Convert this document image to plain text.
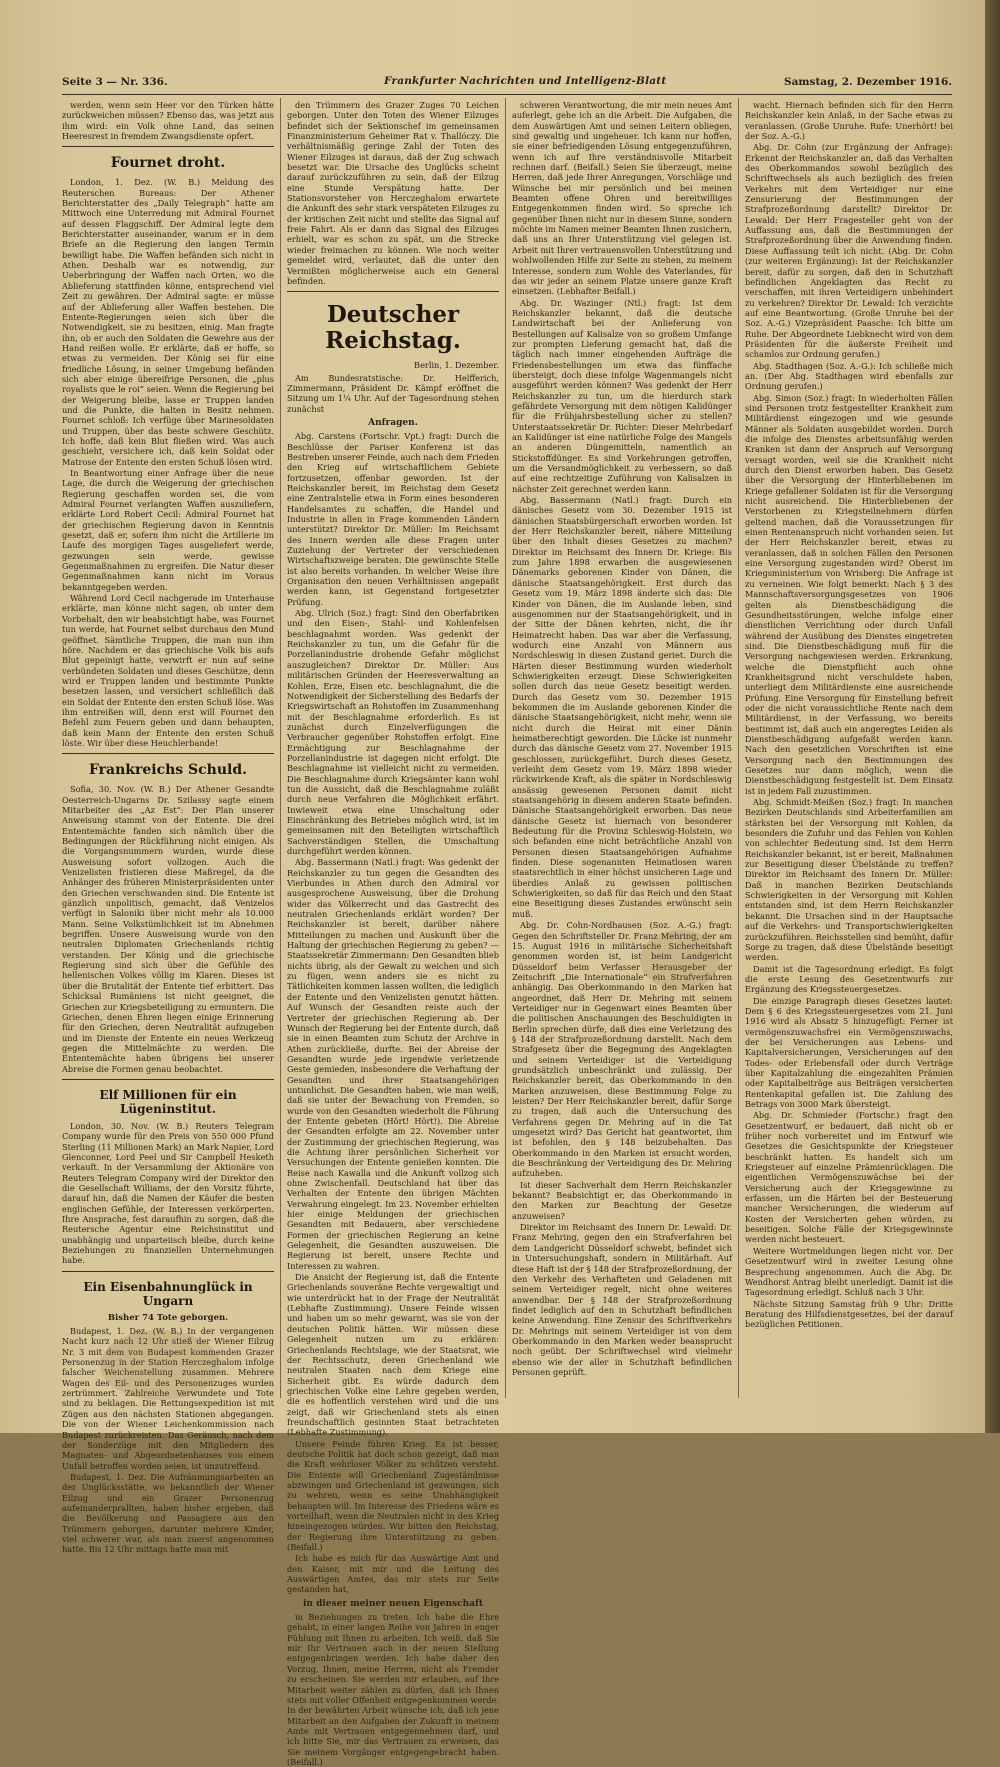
Seite 3 — Nr. 336.	Frankfurter Nachrichten und Intelligenz-Blatt	Samstag, 2. Dezember 1916.

werden, wenn sein Heer vor den Türken hätte zurückweichen müssen? Ebenso das, was jetzt aus ihm wird: ein Volk ohne Land, das seinen Heeresrest in fremdem Zwangsdienste opfert.

Fournet droht.

London, 1. Dez. (W. B.) Meldung des Reuterschen Bureaus: Der Athener Berichterstatter des „Daily Telegraph“ hatte am Mittwoch eine Unterredung mit Admiral Fournet auf dessen Flaggschiff. Der Admiral legte dem Berichterstatter auseinander, warum er in dem Briefe an die Regierung den langen Termin bewilligt habe. Die Waffen befänden sich nicht in Athen. Deshalb war es notwendig, zur Ueberbringung der Waffen nach Orten, wo die Ablieferung stattfinden könne, entsprechend viel Zeit zu gewähren. Der Admiral sagte: er müsse auf der Ablieferung aller Waffen bestehen. Die Entente-Regierungen seien sich über die Notwendigkeit, sie zu besitzen, einig. Man fragte ihn, ob er auch den Soldaten die Gewehre aus der Hand reißen wolle. Er erklärte, daß er hoffe, so etwas zu vermeiden. Der König sei für eine friedliche Lösung, in seiner Umgebung befänden sich aber einige übereifrige Personen, die „plus royalists que le roi“ seien. Wenn die Regierung bei der Weigerung bleibe, lasse er Truppen landen und die Punkte, die halten in Besitz nehmen. Fournet schloß: Ich verfüge über Marinesoldaten und Truppen, über das beste schwere Geschütz. Ich hoffe, daß kein Blut fließen wird. Was auch geschieht, versichere ich, daß kein Soldat oder Matrose der Entente den ersten Schuß lösen wird.

In Beantwortung einer Anfrage über die neue Lage, die durch die Weigerung der griechischen Regierung geschaffen worden sei, die vom Admiral Fournet verlangten Waffen auszuliefern, erklärte Lord Robert Cecil: Admiral Fournet hat der griechischen Regierung davon in Kenntnis gesetzt, daß er, sofern ihm nicht die Artillerie im Laufe des morgigen Tages ausgeliefert werde, gezwungen sein werde, gewisse Gegenmaßnahmen zu ergreifen. Die Natur dieser Gegenmaßnahmen kann nicht im Voraus bekanntgegeben werden.

Während Lord Cecil nachgerade im Unterhause erklärte, man könne nicht sagen, ob unter dem Vorbehalt, den wir beabsichtigt habe, was Fournet tun werde, hat Fournet selbst durchaus den Mund geöffnet. Sämtliche Truppen, die man nun ihm höre. Nachdem er das griechische Volk bis aufs Blut gepeinigt hatte, verwirft er nun auf seine verbündeten Soldaten und dieses Geschütze, denn wird er Truppen landen und bestimmte Punkte besetzen lassen, und versichert schließlich daß ein Soldat der Entente den ersten Schuß löse. Was ihm entreißen will, denn erst will Fournet den Befehl zum Feuern geben und dann behaupten, daß kein Mann der Entente den ersten Schuß löste. Wir über diese Heuchlerbande!

Frankreichs Schuld.

Sofia, 30. Nov. (W. B.) Der Athener Gesandte Oesterreich-Ungarns Dr. Szilassy sagte einem Mitarbeiter des „Az Est“: Der Plan unserer Anweisung stammt von der Entente. Die drei Ententemächte fanden sich nämlich über die Bedingungen der Rückführung nicht einigen. Als die Vorgangsnummern wurden, wurde diese Ausweisung sofort vollzogen. Auch die Venizelisten fristieren diese Maßregel, da die Anhänger des früheren Ministerpräsidenten unter den Griechen verschwanden sind. Die Entente ist gänzlich unpolitisch, gemacht, daß Venizelos verfügt in Saloniki über nicht mehr als 10.000 Mann. Seine Volkstümlichkeit ist im Abnehmen begriffen. Unsere Ausweisung wurde von den neutralen Diplomaten Griechenlands richtig verstanden. Der König und die griechische Regierung sind sich über die Gefühle des hellenischen Volkes völlig im Klaren. Dieses ist über die Brutalität der Entente tief erbittert. Das Schicksal Rumäniens ist nicht geeignet, die Griechen zur Kriegsbeteiligung zu ermuntern. Die Griechen, denen Ehren liegen einige Erinnerung für den Griechen, deren Neutralität aufzugeben und im Dienste der Entente ein neues Werkzeug gegen die Mittelmächte zu werden. Die Ententemächte haben übrigens bei unserer Abreise die Formen genau beobachtet.

Elf Millionen für ein Lügeninstitut.

London, 30. Nov. (W. B.) Reuters Telegram Company wurde für den Preis von 550 000 Pfund Sterling (11 Millionen Mark) an Mark Napier, Lord Glenconner, Lord Peel und Sir Campbell Hesketh verkauft. In der Versammlung der Aktionäre von Reuters Telegram Company wird der Direktor den die Gesellschaft Williams, der den Vorsitz führte, darauf hin, daß die Namen der Käufer die besten englischen Gefühle, der Interessen verkörperten. Ihre Ansprache, fest daraufhin zu sorgen, daß die Reutersche Agentur eine Reichsinstitut und unabhängig und unparteiisch bleibe, durch keine Beziehungen zu finanziellen Unternehmungen habe.

Ein Eisenbahnunglück in Ungarn

Bisher 74 Tote geborgen.

Budapest, 1. Dez. (W. B.) In der vergangenen Nacht kurz nach 12 Uhr stieß der Wiener Eilzug Nr. 3 mit dem von Budapest kommenden Grazer Personenzug in der Station Herczeghalom infolge falscher Weichenstellung zusammen. Mehrere Wagen des Eil- und des Personenzuges wurden zertrümmert. Zahlreiche Verwundete und Tote sind zu beklagen. Die Rettungsexpedition ist mit Zügen aus den nächsten Stationen abgegangen. Die von der Wiener Leichenkommission nach Budapest zurückreisten. Das Geräusch, nach dem der Sonderzüge mit den Mitgliedern des Magnaten- und Abgeordnetenhauses von einem Unfall betroffen worden seien, ist unzutreffend.

Budapest, 1. Dez. Die Aufräumungsarbeiten an der Unglücksstätte, wo bekanntlich der Wiener Eilzug und ein Grazer Personenzug aufeinanderprallten, haben bisher ergeben, daß die Bevölkerung und Passagiere aus den Trümmern geborgen, darunter mehrere Kinder, viel schwerer war, als man zuerst angenommen hatte. Bis 12 Uhr mittags hatte man mit

den Trümmern des Grazer Zuges 70 Leichen geborgen. Unter den Toten des Wiener Eilzuges befindet sich der Sektionschef im gemeinsamen Finanzministerium Geheimer Rat v. Thallóczy. Die verhältnismäßig geringe Zahl der Toten des Wiener Eilzuges ist daraus, daß der Zug schwach besetzt war. Die Ursache des Unglücks scheint darauf zurückzuführen zu sein, daß der Eilzug eine Stunde Verspätung hatte. Der Stationsvorsteher von Herczeghalom erwartete die Ankunft des sehr stark verspäteten Eilzuges zu der kritischen Zeit nicht und stellte das Signal auf freie Fahrt. Als er dann das Signal des Eilzuges erhielt, war es schon zu spät, um die Strecke wieder freimachen zu können. Wie noch weiter gemeldet wird, verlautet, daß die unter den Vermißten möglicherweise auch ein General befinden.

Deutscher Reichstag.

Berlin, 1. Dezember.

Am Bundesratstische: Dr. Helfferich, Zimmermann, Präsident Dr. Kämpf eröffnet die Sitzung um 1¼ Uhr. Auf der Tagesordnung stehen zunächst

Anfragen.

Abg. Carstens (Fortschr. Vpt.) fragt: Durch die Beschlüsse der Pariser Konferenz ist das Bestreben unserer Feinde, auch nach dem Frieden den Krieg auf wirtschaftlichem Gebiete fortzusetzen, offenbar geworden. Ist der Reichskanzler bereit, im Reichstag dem Gesetz eine Zentralstelle etwa in Form eines besonderen Handelsamtes zu schaffen, die Handel und Industrie in allen in Frage kommenden Ländern unterstützt? Direktor Dr. Müller: Im Reichsamt des Innern werden alle diese Fragen unter Zuziehung der Vertreter der verschiedenen Wirtschaftszweige beraten. Die gewünschte Stelle ist also bereits vorhanden. In welcher Weise ihre Organisation den neuen Verhältnissen angepaßt werden kann, ist Gegenstand fortgesetzter Prüfung.

Abg. Ulrich (Soz.) fragt: Sind den Oberfabriken und den Eisen-, Stahl- und Kohlenfelsen beschlagnahmt worden. Was gedenkt der Reichskanzler zu tun, um die Gefahr für die Porzellanindustrie drohende Gefahr möglichst auszugleichen? Direktor Dr. Müller: Aus militärischen Gründen der Heeresverwaltung an Kohlen, Erze, Eisen etc. beschlagnahmt, die die Notwendigkeit der Sicherstellung des Bedarfs der Kriegswirtschaft an Rohstoffen im Zusammenhang mit der Beschlagnahme erforderlich. Es ist zunächst durch Einzelverfügungen die Verbraucher gegenüber Rohstoffen erfolgt. Eine Ermächtigung zur Beschlagnahme der Porzellanindustrie ist dagegen nicht erfolgt. Die Beschlagnahme ist vielleicht nicht zu vermeiden. Die Beschlagnahme durch Kriegsämter kann wohl tun die Aussicht, daß die Beschlagnahme zuläßt durch neue Verfahren die Möglichkeit erfährt. Inwieweit etwa eine Umschaltung oder Einschränkung des Betriebes möglich wird, ist im gemeinsamen mit den Beteiligten wirtschaftlich Sachverständigen Stellen, die Umschaltung durchgeführt werden können.

Abg. Bassermann (Natl.) fragt: Was gedenkt der Reichskanzler zu tun gegen die Gesandten des Vierbundes in Athen durch den Admiral vor ausgesprochene Ausweisung, über die Drohung wider das Völkerrecht und das Gastrecht des neutralen Griechenlands erklärt worden? Der Reichskanzler ist bereit, darüber nähere Mitteilungen zu machen und Auskunft über die Haltung der griechischen Regierung zu geben? — Staatssekretär Zimmermann: Den Gesandten blieb nichts übrig, als der Gewalt zu weichen und sich zu fügen, wenn anders sie es nicht zu Tätlichkeiten kommen lassen wollten, die lediglich der Entente und den Venizelisten genutzt hätten. Auf Wunsch der Gesandten reiste auch der Vertreter der griechischen Regierung ab. Der Wunsch der Regierung bei der Entente durch, daß sie in einen Beamten zum Schutz der Archive in Athen zurückließe, durfte. Bei der Abreise der Gesandten wurde jede irgendwie verletzende Geste gemieden, insbesondere die Verhaftung der Gesandten und ihrer Staatsangehörigen untunlichst. Die Gesandten haben, wie man weiß, daß sie unter der Bewachung von Fremden, so wurde von den Gesandten wiederholt die Führung der Entente gebeten (Hört! Hört!). Die Abreise der Gesandten erfolgte am 22. November unter der Zustimmung der griechischen Regierung, was die Achtung ihrer persönlichen Sicherheit vor Versuchungen der Entente genießen konnten. Die Reise nach Kawalla und die Ankunft vollzog sich ohne Zwischenfall. Deutschland hat über das Verhalten der Entente den übrigen Mächten Verwahrung eingelegt. Im 23. November erhielten hier einige Meldungen der griechischen Gesandten mit Bedauern, aber verschiedene Formen der griechischen Regierung an keine Gelegenheit, die Gesandten auszuweisen. Die Regierung ist bereit, unsere Rechte und Interessen zu wahren.

Die Ansicht der Regierung ist, daß die Entente Griechenlands souveräne Rechte vergewaltigt und wie unterdrückt hat in der Frage der Neutralität (Lebhafte Zustimmung). Unsere Feinde wissen und haben um so mehr gewarnt, was sie von der deutschen Politik hätten. Wir müssen diese Gelegenheit nutzen um zu erklären: Griechenlands Rechtslage, wie der Staatsrat, wie der Rechtsschutz, deren Griechenland wie neutralen Staaten nach dem Kriege eine Sicherheit gibt. Es würde dadurch dem griechischen Volke eine Lehre gegeben werden, die es hoffentlich verstehen wird und die uns zeigt, daß wir Griechenland stets als einen freundschaftlich gesinnten Staat betrachteten (Lebhafte Zustimmung).

Unsere Feinde führen Krieg. Es ist besser, deutsche Politik hat doch schon gezeigt, daß man die Kraft wehrloser Völker zu schützen versteht. Die Entente will Griechenland Zugeständnisse abzwingen und Griechenland ist gezwungen, sich zu wehren, wenn es seine Unabhängigkeit behaupten will. Im Interesse des Friedens wäre es vorteilhaft, wenn die Neutralen nicht in den Krieg hineingezogen würden. Wir bitten den Reichstag, der Regierung ihre Unterstützung zu geben. (Beifall.)

Ich habe es mich für das Auswärtige Amt und den Kaiser, mit mir und die Leitung des Auswärtigen Amtes, das mir stets zur Seite gestanden hat,

in dieser meiner neuen Eigenschaft

in Beziehungen zu treten. Ich habe die Ehre gehabt, in einer langen Reihe von Jahren in enger Fühlung mit Ihnen zu arbeiten. Ich weiß, daß Sie mir Ihr Vertrauen auch in der neuen Stellung entgegenbringen werden. Ich habe daher den Vorzug, Ihnen, meine Herren, nicht als Fremder zu erscheinen. Sie werden mir erlauben, auf Ihre Mitarbeit weiter zählen zu dürfen, daß ich Ihnen stets mit voller Offenheit entgegenkommen werde. In der bewährten Arbeit wünsche ich, daß ich jene Mitarbeit an den Aufgaben der Zukunft in meinem Amte mit Vertrauen entgegennehmen darf, und ich bitte Sie, mir das Vertrauen zu erweisen, das Sie meinem Vorgänger entgegengebracht haben. (Beifall.)

schweren Verantwortung, die mir mein neues Amt auferlegt, gehe ich an die Arbeit. Die Aufgaben, die dem Auswärtigen Amt und seinen Leitern obliegen, sind gewaltig und ungeheuer. Ich kann nur hoffen, sie einer befriedigenden Lösung entgegenzuführen, wenn ich auf Ihre verständnisvolle Mitarbeit rechnen darf. (Beifall.) Seien Sie überzeugt, meine Herren, daß jede Ihrer Anregungen, Vorschläge und Wünsche bei mir persönlich und bei meinen Beamten offene Ohren und bereitwilliges Entgegenkommen finden wird. So spreche ich gegenüber Ihnen nicht nur in diesem Sinne, sondern möchte im Namen meiner Beamten Ihnen zusichern, daß uns an Ihrer Unterstützung viel gelegen ist. Arbeit mit Ihrer vertrauensvollen Unterstützung und wohlwollenden Hilfe zur Seite zu stehen, zu meinem Interesse, sondern zum Wohle des Vaterlandes, für das wir jeder an seinem Platze unsere ganze Kraft einsetzen. (Lebhafter Beifall.)

Abg. Dr. Wazinger (Ntl.) fragt: Ist dem Reichskanzler bekannt, daß die deutsche Landwirtschaft bei der Anlieferung von Bestellungen auf Kalisalze von so großem Umfange zur prompten Lieferung gemacht hat, daß die täglich nach immer eingehenden Aufträge die Friedensbestellungen um etwa das fünffache übersteigt, doch diese infolge Wagenmangels nicht ausgeführt werden können? Was gedenkt der Herr Reichskanzler zu tun, um die hierdurch stark gefährdete Versorgung mit dem nötigen Kalidünger für die Frühjahrsbestellung sicher zu stellen? Unterstaatssekretär Dr. Richter: Dieser Mehrbedarf an Kalidünger ist eine natürliche Folge des Mangels an anderen Düngemitteln, namentlich an Stickstoffdünger. Es sind Vorkehrungen getroffen, um die Versandmöglichkeit zu verbessern, so daß auf eine rechtzeitige Zuführung von Kalisalzen in nächster Zeit gerechnet werden kann.

Abg. Bassermann (Natl.) fragt: Durch ein dänisches Gesetz vom 30. Dezember 1915 ist dänischen Staatsbürgerschaft erworben worden. Ist der Herr Reichskanzler bereit, nähere Mitteilung über den Inhalt dieses Gesetzes zu machen? Direktor im Reichsamt des Innern Dr. Kriege: Bis zum Jahre 1898 erwarben die ausgewiesenen Dänemarks geborenen Kinder von Dänen, die dänische Staatsangehörigkeit. Erst durch das Gesetz vom 19. März 1898 änderte sich das: Die Kinder von Dänen, die im Auslande leben, sind ausgenommen nur der Staatsangehörigkeit, und in der Sitte der Dänen kehrten, nicht, die ihr Heimatrecht haben. Das war aber die Verfassung, wodurch eine Anzahl von Männern aus Nordschleswig in diesen Zustand geriet. Durch die Härten dieser Bestimmung wurden wiederholt Schwierigkeiten erzeugt. Diese Schwierigkeiten sollen durch das neue Gesetz beseitigt werden. Durch das Gesetz vom 30. Dezember 1915 bekommen die im Auslande geborenen Kinder die dänische Staatsangehörigkeit, nicht mehr, wenn sie nicht durch die Heirat mit einer Dänin heimatberechtigt geworden. Die Lücke ist nunmehr durch das dänische Gesetz vom 27. November 1915 geschlossen, zurückgeführt. Durch dieses Gesetz, verleiht dem Gesetz vom 19. März 1898 wieder rückwirkende Kraft, als die später in Nordschleswig ansässig gewesenen Personen damit nicht staatsangehörig in diesem anderen Staate befinden. Dänische Staatsangehörigkeit erworben. Das neue dänische Gesetz ist hiernach von besonderer Bedeutung für die Provinz Schleswig-Holstein, wo sich befanden eine nicht beträchtliche Anzahl von Personen diesen Staatsangehörigen Aufnahme finden. Diese sogenannten Heimatlosen waren staatsrechtlich in einer höchst unsicheren Lage und überdies Anlaß zu gewissen politischen Schwierigkeiten, so daß für das Reich und den Staat eine Beseitigung dieses Zustandes erwünscht sein muß.

Abg. Dr. Cohn-Nordhausen (Soz. A.-G.) fragt: Gegen den Schriftsteller Dr. Franz Mehring, der am 15. August 1916 in militärische Sicherheitshaft genommen worden ist, ist beim Landgericht Düsseldorf beim Verfasser Herausgeber der Zeitschrift „Die Internationale“ ein Strafverfahren anhängig. Das Oberkommando in den Marken hat angeordnet, daß Herr Dr. Mehring mit seinem Verteidiger nur in Gegenwart eines Beamten über die politischen Anschauungen des Beschuldigten in Berlin sprechen dürfe, daß dies eine Verletzung des § 148 der Strafprozeßordnung darstellt. Nach dem Strafgesetz über die Begegnung des Angeklagten und seinem Verteidiger ist die Verteidigung grundsätzlich unbeschränkt und zulässig. Der Reichskanzler bereit, das Oberkommando in den Marken anzuweisen, diese Bestimmung Folge zu leisten? Der Herr Reichskanzler bereit, dafür Sorge zu tragen, daß auch die Untersuchung des Verfahrens gegen Dr. Mehring auf in die Tat umgesetzt wird? Das Gericht hat geantwortet, ihm ist befohlen, den § 148 beizubehalten. Das Oberkommando in den Marken ist ersucht worden, die Beschränkung der Verteidigung des Dr. Mehring aufzuheben.

Ist dieser Sachverhalt dem Herrn Reichskanzler bekannt? Beabsichtigt er, das Oberkommando in den Marken zur Beachtung der Gesetze anzuweisen?

Direktor im Reichsamt des Innern Dr. Lewald: Dr. Franz Mehring, gegen den ein Strafverfahren bei dem Landgericht Düsseldorf schwebt, befindet sich in Untersuchungshaft, sondern in Militärhaft. Auf diese Haft ist der § 148 der Strafprozeßordnung, der den Verkehr des Verhafteten und Geladenen mit seinem Verteidiger regelt, nicht ohne weiteres anwendbar. Der § 148 der Strafprozeßordnung findet lediglich auf den in Schutzhaft befindlichen keine Anwendung. Eine Zensur des Schriftverkehrs Dr. Mehrings mit seinem Verteidiger ist von dem Oberkommando in den Marken weder beansprucht noch geübt. Der Schriftwechsel wird vielmehr ebenso wie der aller in Schutzhaft befindlichen Personen geprüft.

wacht. Hiernach befinden sich für den Herrn Reichskanzler kein Anlaß, in der Sache etwas zu veranlassen. (Große Unruhe. Rufe: Unerhört! bei der Soz. A.-G.)

Abg. Dr. Cohn (zur Ergänzung der Anfrage): Erkennt der Reichskanzler an, daß das Verhalten des Oberkommandos sowohl bezüglich des Schriftwechsels als auch bezüglich des freien Verkehrs mit dem Verteidiger nur eine Zensurierung der Bestimmungen der Strafprozeßordnung darstellt? Direktor Dr. Lewald: Der Herr Fragesteller geht von der Auffassung aus, daß die Bestimmungen der Strafprozeßordnung über die Anwendung finden. Diese Auffassung teilt ich nicht. (Abg. Dr. Cohn (zur weiteren Ergänzung): Ist der Reichskanzler bereit, dafür zu sorgen, daß den in Schutzhaft befindlichen Angeklagten das Recht zu verschaffen, mit ihren Verteidigern unbehindert zu verkehren? Direktor Dr. Lewald: Ich verzichte auf eine Beantwortung. (Große Unruhe bei der Soz. A.-G.) Vizepräsident Paasche: Ich bitte um Ruhe. Der Abgeordnete Liebknecht wird von dem Präsidenten für die äußerste Freiheit und schamlos zur Ordnung gerufen.)

Abg. Stadthagen (Soz. A.-G.): Ich schließe mich an. (Der Abg. Stadthagen wird ebenfalls zur Ordnung gerufen.)

Abg. Simon (Soz.) fragt: In wiederholten Fällen sind Personen trotz festgestellter Krankheit zum Militärdienst eingezogen und wie gesunde Männer als Soldaten ausgebildet worden. Durch die infolge des Dienstes arbeitsunfähig werden Kranken ist dann der Anspruch auf Versorgung versagt worden, weil sie die Krankheit nicht durch den Dienst erworben haben. Das Gesetz über die Versorgung der Hinterbliebenen im Kriege gefallener Soldaten ist für die Versorgung nicht ausreichend. Die Hinterbliebenen der Verstorbenen zu Kriegsteilnehmern dürfen geltend machen, daß die Voraussetzungen für einen Rentenanspruch nicht vorhanden seien. Ist der Herr Reichskanzler bereit, etwas zu veranlassen, daß in solchen Fällen den Personen eine Versorgung zugestanden wird? Oberst im Kriegsministerium von Wrisberg: Die Anfrage ist zu verneinen. Wie folgt bemerkt: Nach § 3 des Mannschaftsversorgungsgesetzes von 1906 gelten als Dienstbeschädigung die Gesundheitsstörungen, welche infolge einer dienstlichen Verrichtung oder durch Unfall während der Ausübung des Dienstes eingetreten sind. Die Dienstbeschädigung muß für die Versorgung nachgewiesen werden. Erkrankung, welche die Dienstpflicht auch ohne Krankheitsgrund nicht verschuldete haben, unterliegt dem Militärdienste eine ausreichende Prüfung. Eine Versorgung für Einstellung befreit oder die nicht voraussichtliche Rente nach dem Militärdienst, in der Verfassung, wo bereits bestimmt ist, daß auch ein angeregtes Leiden als Dienstbeschädigung aufgefaßt werden kann. Nach den gesetzlichen Vorschriften ist eine Versorgung nach den Bestimmungen des Gesetzes nur dann möglich, wenn die Dienstbeschädigung festgestellt ist. Dem Einsatz ist in jedem Fall zuzustimmen.

Abg. Schmidt-Meißen (Soz.) fragt: In manchen Bezirken Deutschlands sind Arbeiterfamilien am stärksten bei der Versorgung mit Kohlen, da besonders die Zufuhr und das Fehlen von Kohlen von schlechter Bedeutung sind. Ist dem Herrn Reichskanzler bekannt, ist er bereit, Maßnahmen zur Beseitigung dieser Übelstände zu treffen? Direktor im Reichsamt des Innern Dr. Müller: Daß in manchen Bezirken Deutschlands Schwierigkeiten in der Versorgung mit Kohlen entstanden sind, ist dem Herrn Reichskanzler bekannt. Die Ursachen sind in der Hauptsache auf die Verkehrs- und Transportschwierigkeiten zurückzuführen. Reichsstellen sind bemüht, dafür Sorge zu tragen, daß diese Übelstände beseitigt werden.

Damit ist die Tagesordnung erledigt. Es folgt die erste Lesung des Gesetzentwurfs zur Ergänzung des Kriegssteuergesetzes.

Die einzige Paragraph dieses Gesetzes lautet: Dem § 6 des Kriegssteuergesetzes vom 21. Juni 1916 wird als Absatz 5 hinzugefügt: Ferner ist vermögenszuwachsfrei ein Vermögenszuwachs, der bei Versicherungen aus Lebens- und Kapitalversicherungen, Versicherungen auf den Todes- oder Erlebensfall oder durch Verträge über Kapitalzahlung die eingezahlten Prämien oder Kapitalbeiträge aus Beiträgen versicherten Rentenkapital gefallen ist. Die Zahlung des Betrags von 3000 Mark übersteigt.

Abg. Dr. Schmieder (Fortschr.) fragt den Gesetzentwurf, er bedauert, daß nicht ob er früher noch vorbereitet und im Entwurf wie Gesetzes die Gesichtspunkte der Kriegsteuer beschränkt hatten. Es handelt sich um Kriegsteuer auf einzelne Prämienrücklagen. Die eigentlichen Vermögenszuwächse bei der Versicherung auch der Kriegsgewinne zu erfassen, um die Härten bei der Besteuerung mancher Versicherungen, die wiederum auf Kosten der Versicherten gehen würden, zu beseitigen. Solche Fälle der Kriegsgewinnste werden nicht besteuert.

Weitere Wortmeldungen liegen nicht vor. Der Gesetzentwurf wird in zweiter Lesung ohne Besprechung angenommen. Auch die Abg. Dr. Wendhorst Antrag bleibt unerledigt. Damit ist die Tagesordnung erledigt. Schluß nach 3 Uhr.

Nächste Sitzung Samstag früh 9 Uhr: Dritte Beratung des Hilfsdienstgesetzes, bei der darauf bezüglichen Petitionen.
